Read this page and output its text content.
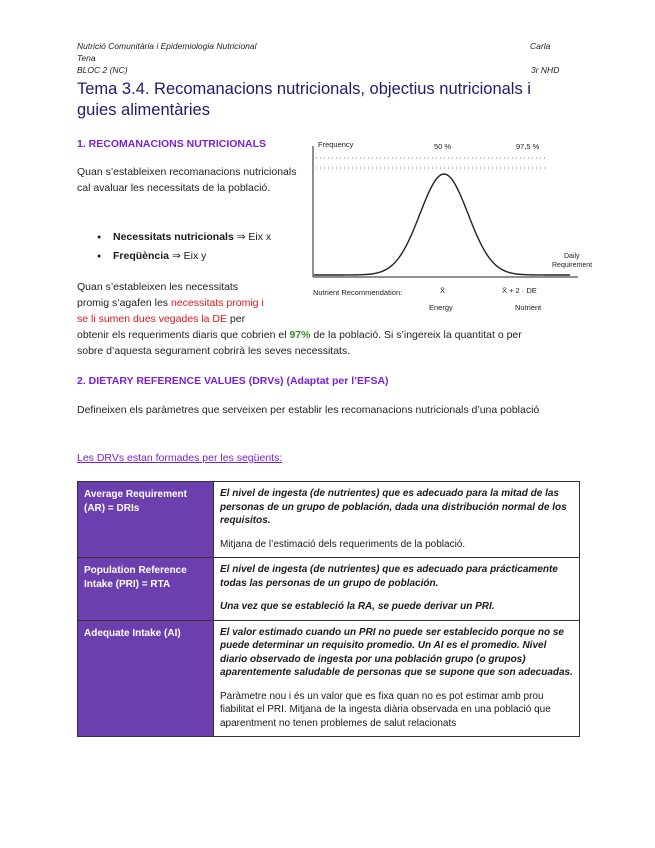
Nutrició Comunitària i Epidemiologia Nutricional	Carla
Tena
BLOC 2 (NC)	3r NHD
Tema 3.4. Recomanacions nutricionals, objectius nutricionals i guies alimentàries
1. RECOMANACIONS NUTRICIONALS
Quan s’estableixen recomanacions nutricionals cal avaluar les necessitats de la població.
● Necessitats nutricionals ⇒ Eix x
● Freqüència ⇒ Eix y
Quan s’estableixen les necessitats
promig s’agafen les necessitats promig i
se li sumen dues vegades la DE per
obtenir els requeriments diaris que cobrien el 97% de la població. Si s’ingereix la quantitat o per
sobre d’aquesta segurament cobrirà les seves necessitats.
Frequency	50 %	97,5 %
Daily
Requirement
Nutrient Recommendation:	X̄	X̄ + 2 · DE
Energy	Nutrient
2. DIETARY REFERENCE VALUES (DRVs) (Adaptat per l’EFSA)
Defineixen els paràmetres que serveixen per establir les recomanacions nutricionals d’una població
Les DRVs estan formades per les següents:
Average Requirement (AR) = DRIs	El nivel de ingesta (de nutrientes) que es adecuado para la mitad de las personas de un grupo de población, dada una distribución normal de los requisitos.
Mitjana de l’estimació dels requeriments de la població.

Population Reference Intake (PRI) = RTA	El nivel de ingesta (de nutrientes) que es adecuado para prácticamente todas las personas de un grupo de población.
Una vez que se estableció la RA, se puede derivar un PRI.

Adequate Intake (AI)	El valor estimado cuando un PRI no puede ser establecido porque no se puede determinar un requisito promedio. Un AI es el promedio. Nivel diario observado de ingesta por una población grupo (o grupos) aparentemente saludable de personas que se supone que son adecuadas.
Paràmetre nou i és un valor que es fixa quan no es pot estimar amb prou fiabilitat el PRI. Mitjana de la ingesta diària observada en una població que aparentment no tenen problemes de salut relacionats
